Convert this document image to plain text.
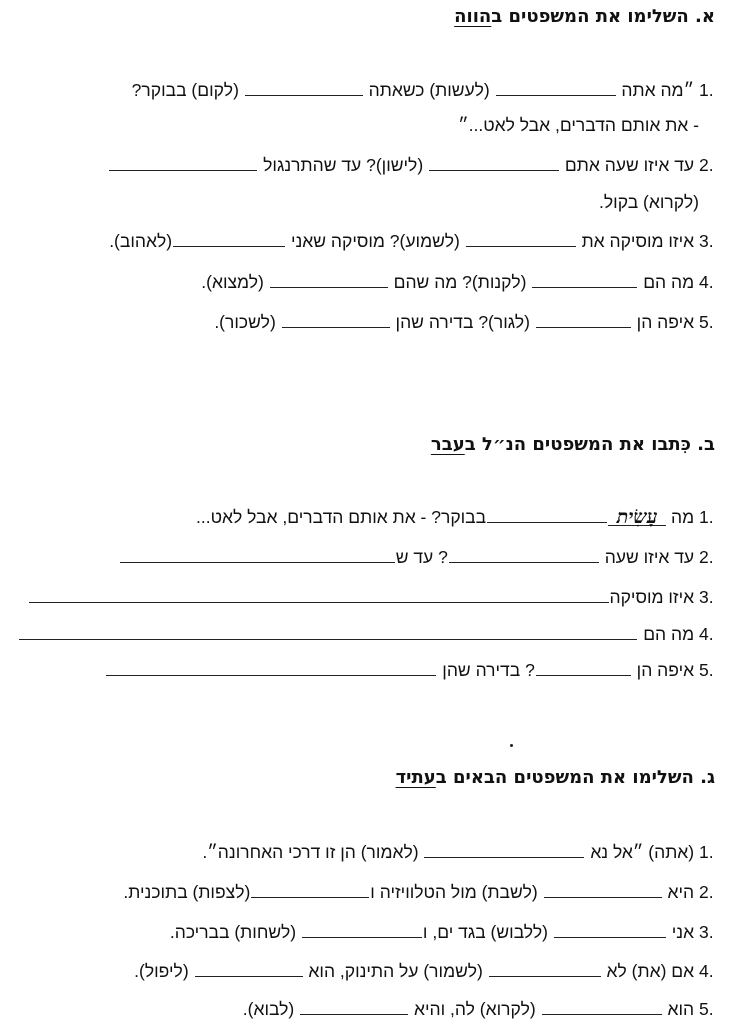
א. השלימו את המשפטים בהווה
.1 ״מה אתה  (לעשות) כשאתה  (לקום) בבוקר?
- את אותם הדברים, אבל לאט...״
.2 עד איזו שעה אתם  (לישון)? עד שהתרנגול
(לקרוא) בקול.
.3 איזו מוסיקה את  (לשמוע)? מוסיקה שאני (לאהוב).
.4 מה הם  (לקנות)? מה שהם  (למצוא).
.5 איפה הן  (לגור)? בדירה שהן  (לשכור).
ב. כִּתבו את המשפטים הנ״ל בעבר
.1 מה עָשִׂיתבבוקר? - את אותם הדברים, אבל לאט...
.2 עד איזו שעה ? עד ש
.3 איזו מוסיקה
.4 מה הם
.5 איפה הן ? בדירה שהן
ג. השלימו את המשפטים הבאים בעתיד
.1 (אתה) ״אל נא  (לאמור) הן זו דרכי האחרונה״.
.2 היא  (לשבת) מול הטלוויזיה ו(לצפות) בתוכנית.
.3 אני  (ללבוש) בגד ים, ו (לשחות) בבריכה.
.4 אם (את) לא  (לשמור) על התינוק, הוא  (ליפול).
.5 הוא  (לקרוא) לה, והיא  (לבוא).
